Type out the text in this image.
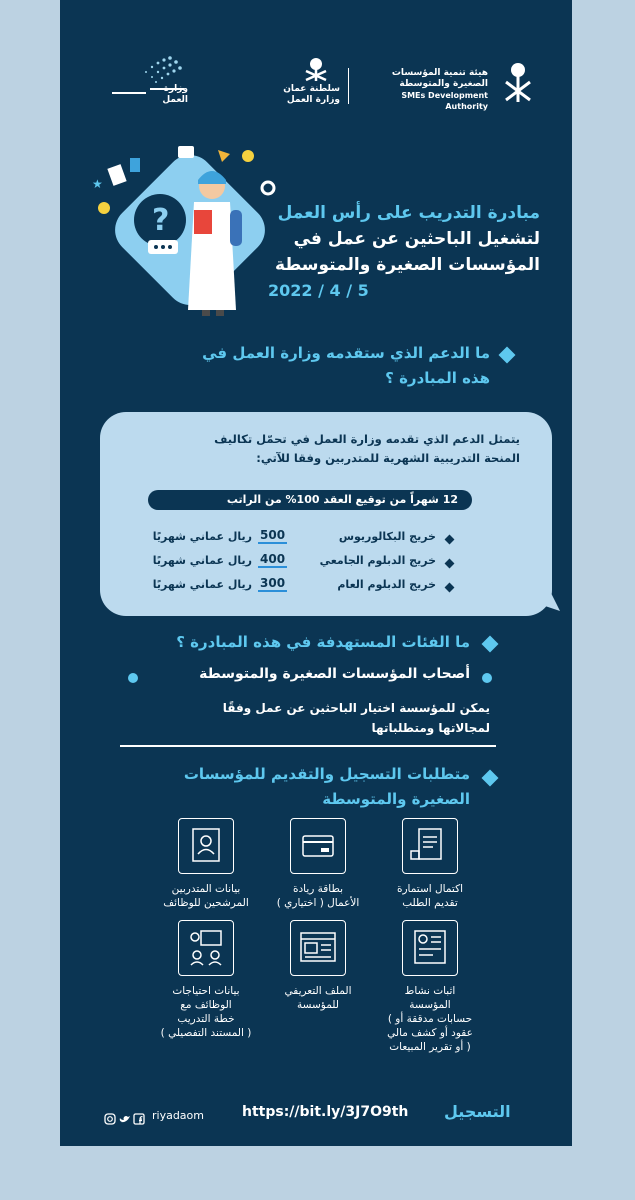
هيئة تنمية المؤسسات
الصغيرة والمتوسطة
SMEs Development Authority
سلطنة عمان
وزارة العمل
وزارة العمل
?
★
مبادرة التدريب على رأس العمل
لتشغيل الباحثين عن عمل في
المؤسسات الصغيرة والمتوسطة
5 / 4 / 2022
ما الدعم الذي ستقدمه وزارة العمل في
هذه المبادرة ؟
يتمثل الدعم الذي تقدمه وزارة العمل في تحمّل تكاليف
المنحة التدريبية الشهرية للمتدربين وفقا للآتي:
12 شهراً من توقيع العقد 100% من الراتب
خريج البكالوريوس
500
ريال عماني شهريًا
خريج الدبلوم الجامعي
400
ريال عماني شهريًا
خريج الدبلوم العام
300
ريال عماني شهريًا
ما الفئات المستهدفة في هذه المبادرة ؟
أصحاب المؤسسات الصغيرة والمتوسطة
يمكن للمؤسسة اختيار الباحثين عن عمل وفقًا
لمجالاتها ومتطلباتها
متطلبات التسجيل والتقديم للمؤسسات
الصغيرة والمتوسطة
اكتمال استمارة
تقديم الطلب
بطاقة ريادة
الأعمال ( اختياري )
بيانات المتدربين
المرشحين للوظائف
اثبات نشاط
المؤسسة
( حسابات مدققة أو
عقود أو كشف مالي
أو تقرير المبيعات )
الملف التعريفي
للمؤسسة
بيانات احتياجات
الوظائف مع
خطة التدريب
( المستند التفصيلي )
التسجيل
https://bit.ly/3J7O9th
riyadaom
